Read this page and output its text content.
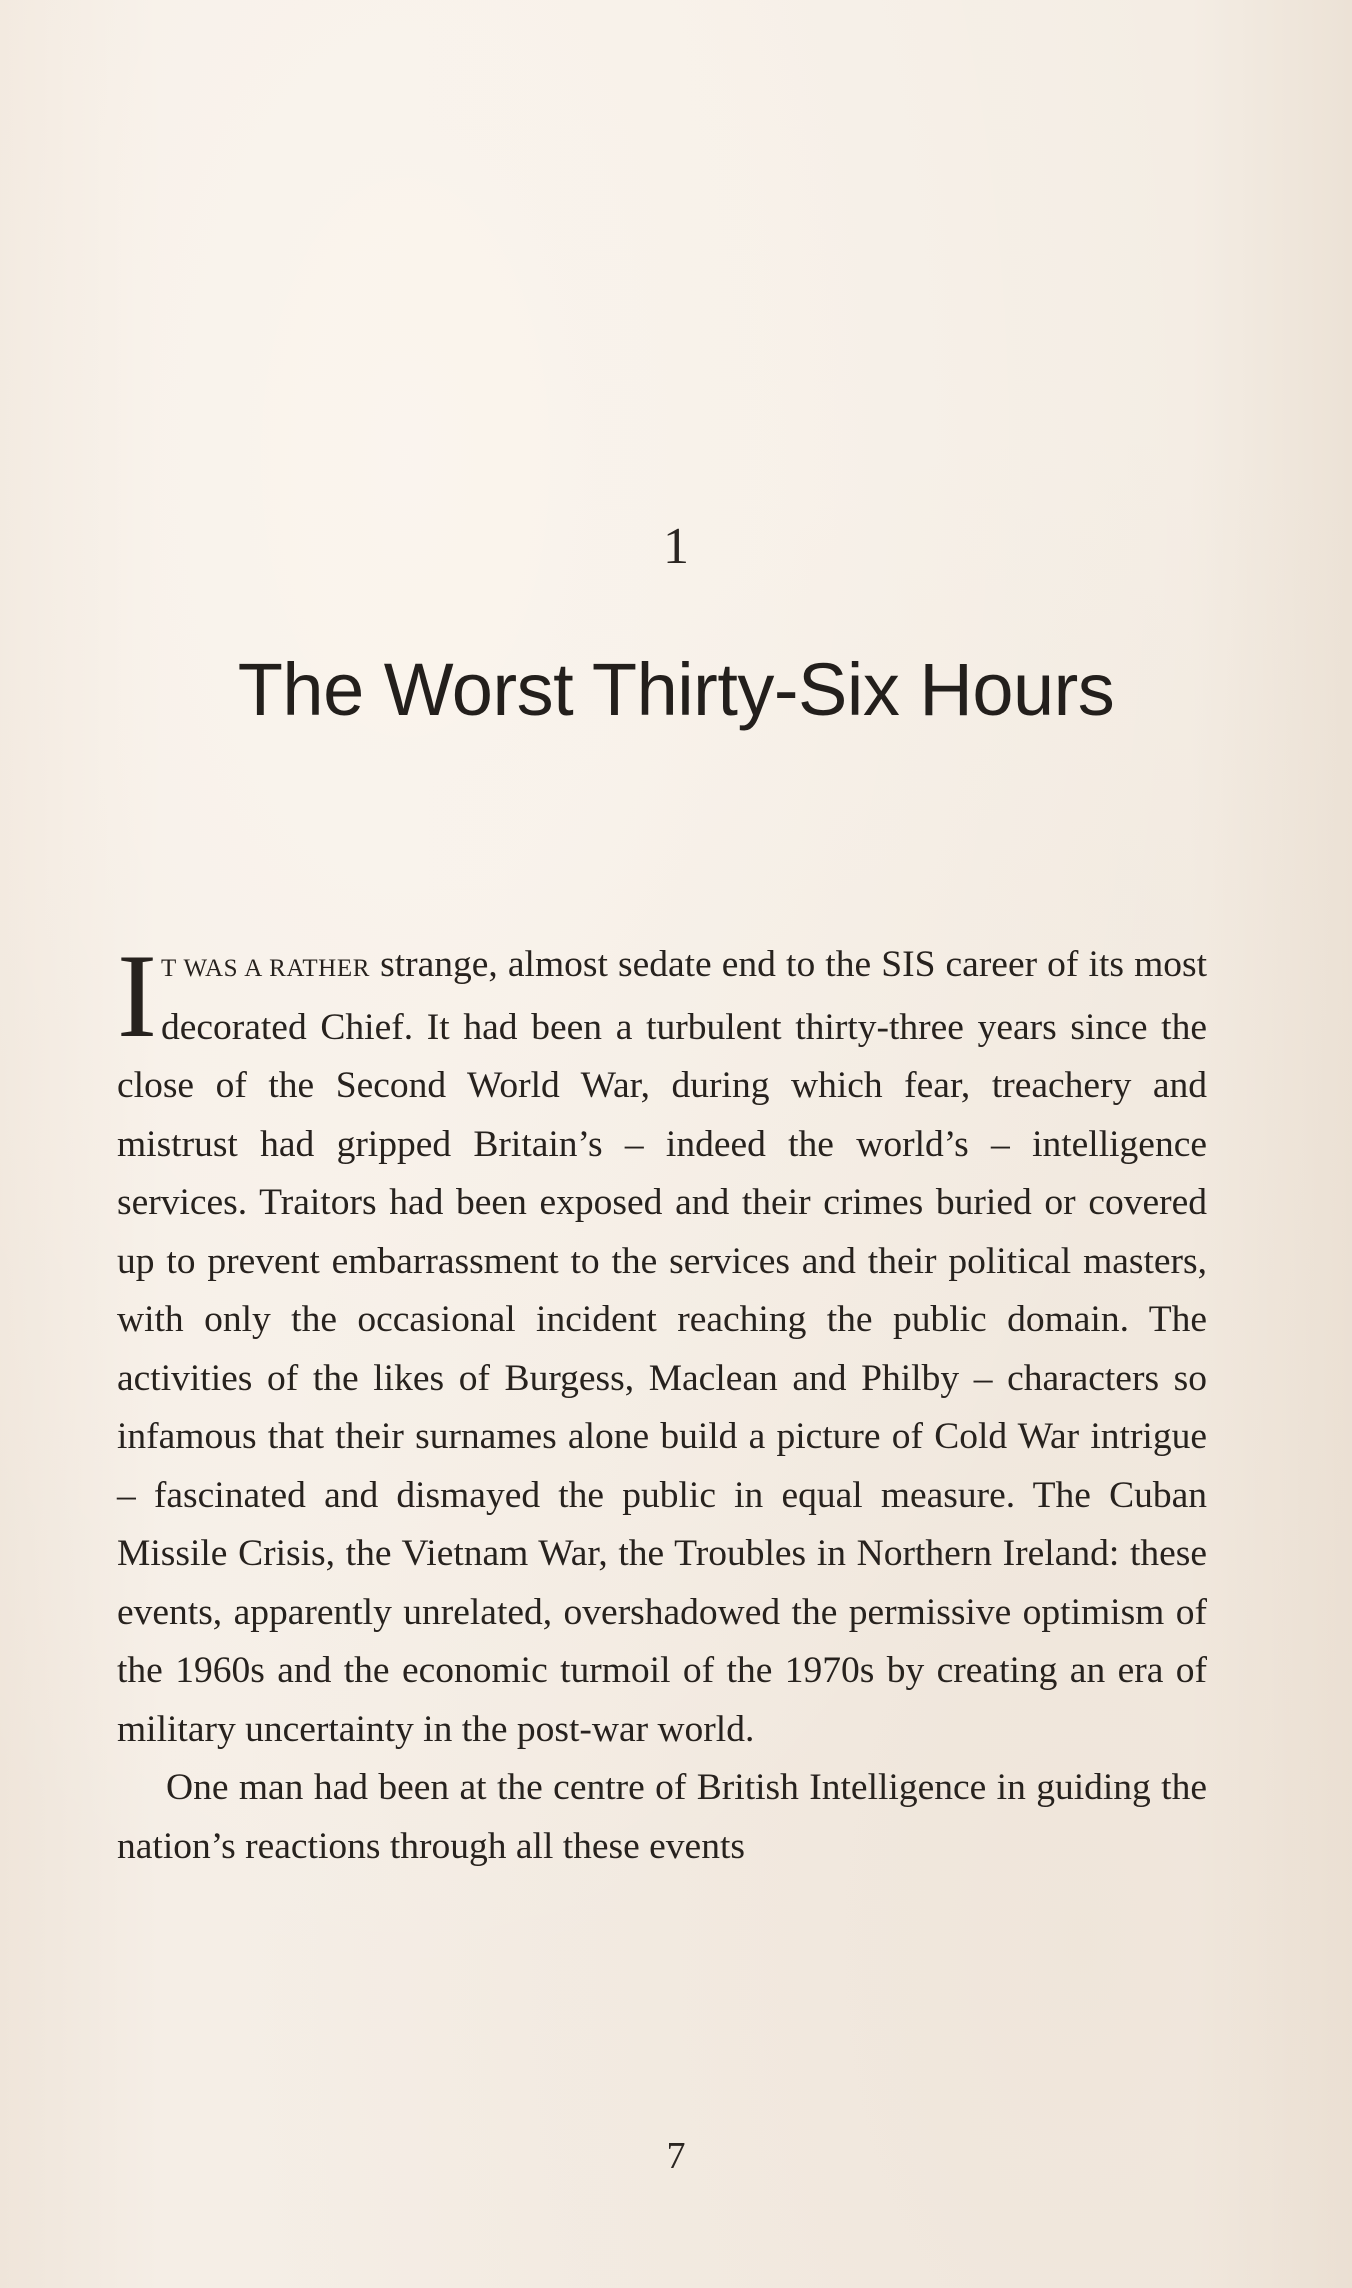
1
The Worst Thirty-Six Hours

IT WAS A RATHER strange, almost sedate end to the SIS career of its most decorated Chief. It had been a turbulent thirty-three years since the close of the Second World War, during which fear, treachery and mistrust had gripped Britain’s – indeed the world’s – intelligence services. Traitors had been exposed and their crimes buried or covered up to prevent embarrassment to the services and their political masters, with only the occasional incident reaching the public domain. The activities of the likes of Burgess, Maclean and Philby – characters so infamous that their surnames alone build a picture of Cold War intrigue – fascinated and dismayed the public in equal measure. The Cuban Missile Crisis, the Vietnam War, the Troubles in Northern Ireland: these events, apparently unrelated, overshadowed the permissive optimism of the 1960s and the economic turmoil of the 1970s by creating an era of military uncertainty in the post-war world.

One man had been at the centre of British Intelligence in guiding the nation’s reactions through all these events

7
